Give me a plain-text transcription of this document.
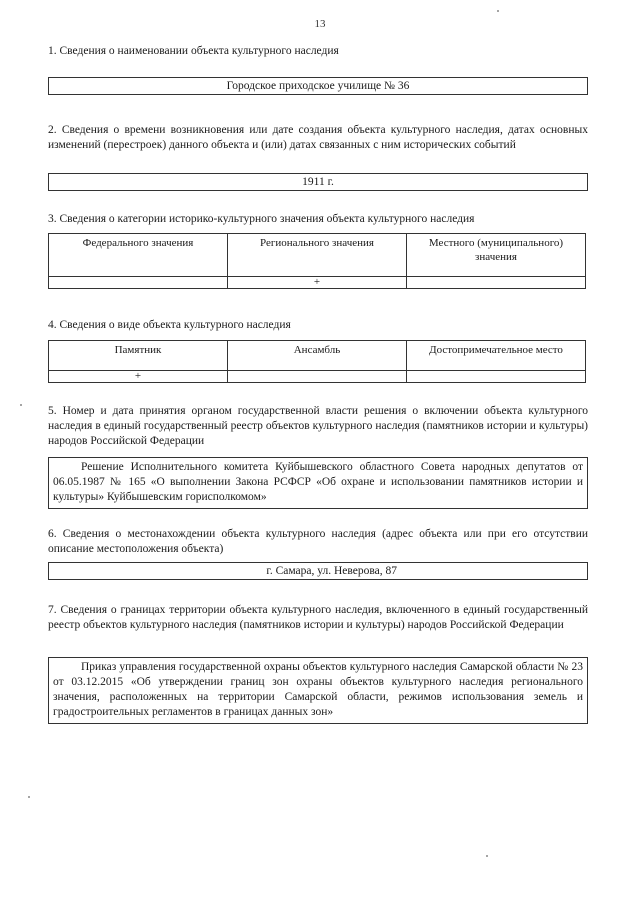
13

1. Сведения о наименовании объекта культурного наследия

Городское приходское училище № 36

2. Сведения о времени возникновения или дате создания объекта культурного наследия, датах основных изменений (перестроек) данного объекта и (или) датах связанных с ним исторических событий

1911 г.

3. Сведения о категории историко-культурного значения объекта культурного наследия

Федерального значения	Регионального значения	Местного (муниципального) значения
	+	

4. Сведения о виде объекта культурного наследия

Памятник	Ансамбль	Достопримечательное место
+		

5. Номер и дата принятия органом государственной власти решения о включении объекта культурного наследия в единый государственный реестр объектов культурного наследия (памятников истории и культуры) народов Российской Федерации

Решение Исполнительного комитета Куйбышевского областного Совета народных депутатов от 06.05.1987 № 165 «О выполнении Закона РСФСР «Об охране и использовании памятников истории и культуры» Куйбышевским горисполкомом»

6. Сведения о местонахождении объекта культурного наследия (адрес объекта или при его отсутствии описание местоположения объекта)

г. Самара, ул. Неверова, 87

7. Сведения о границах территории объекта культурного наследия, включенного в единый государственный реестр объектов культурного наследия (памятников истории и культуры) народов Российской Федерации

Приказ управления государственной охраны объектов культурного наследия Самарской области № 23 от 03.12.2015 «Об утверждении границ зон охраны объектов культурного наследия регионального значения, расположенных на территории Самарской области, режимов использования земель и градостроительных регламентов в границах данных зон»
